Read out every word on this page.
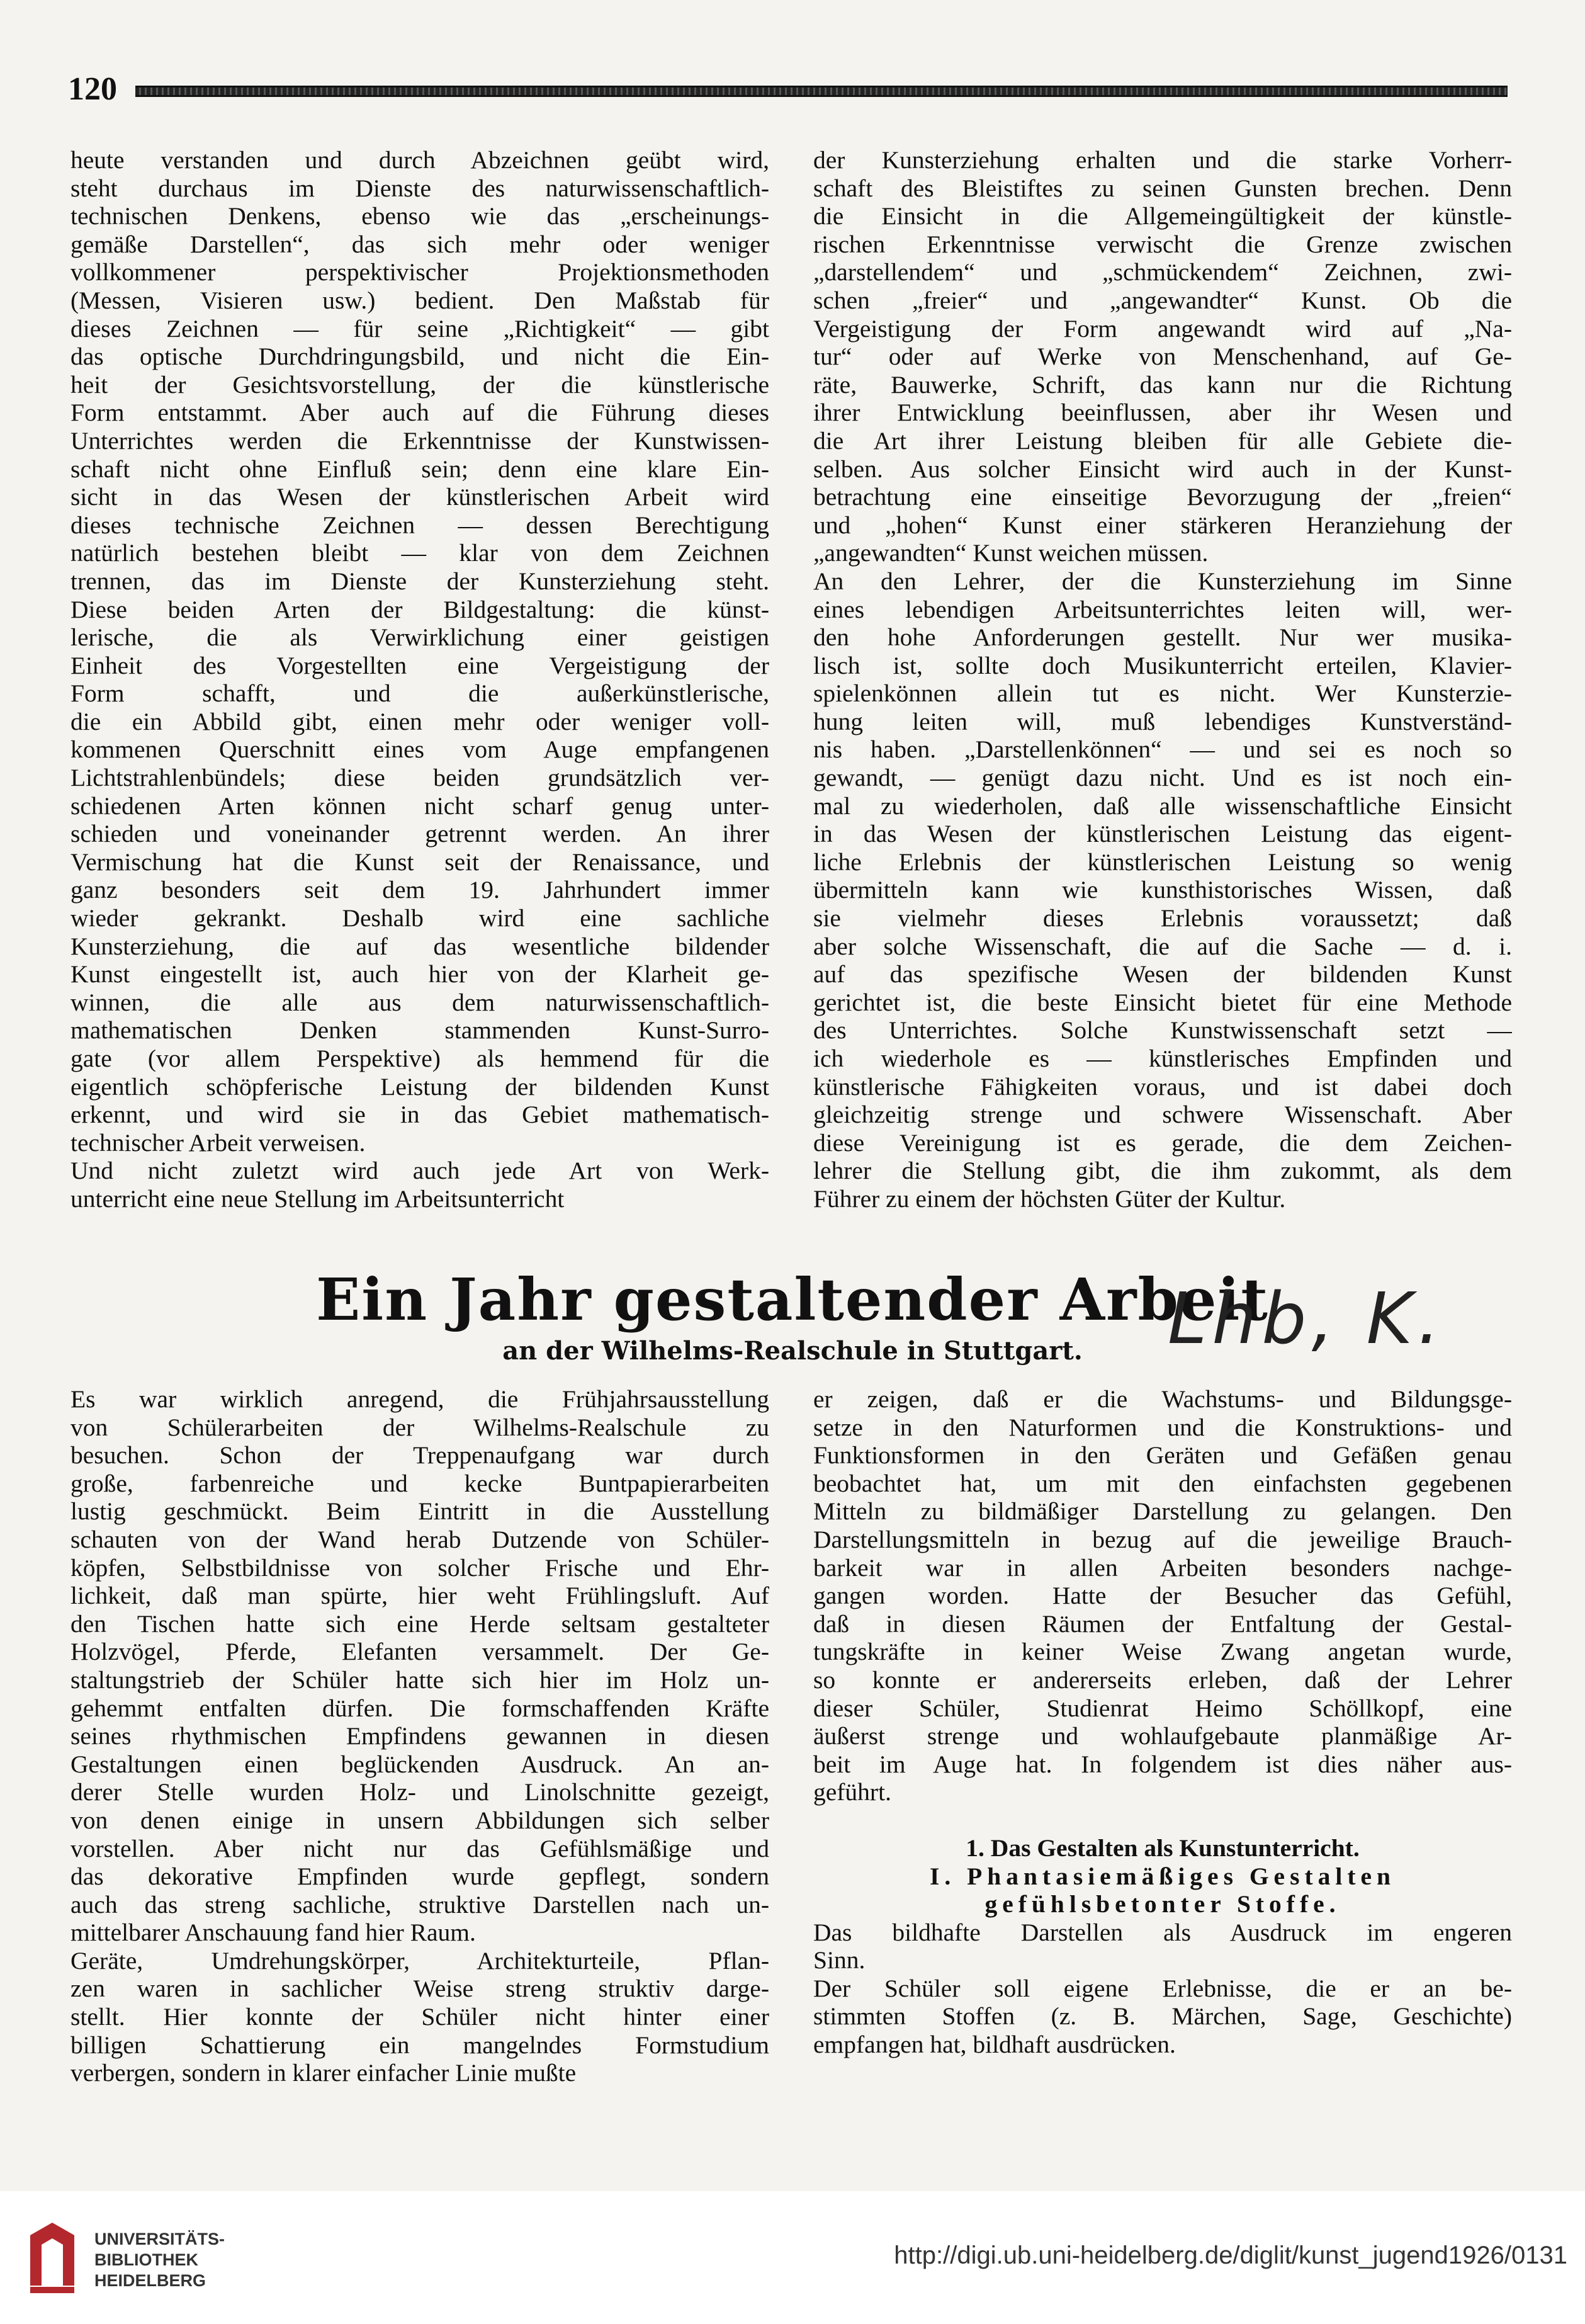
120
heute verstanden und durch Abzeichnen geübt wird,
steht durchaus im Dienste des naturwissenschaftlich-
technischen Denkens, ebenso wie das „erscheinungs-
gemäße Darstellen“, das sich mehr oder weniger
vollkommener perspektivischer Projektionsmethoden
(Messen, Visieren usw.) bedient. Den Maßstab für
dieses Zeichnen — für seine „Richtigkeit“ — gibt
das optische Durchdringungsbild, und nicht die Ein-
heit der Gesichtsvorstellung, der die künstlerische
Form entstammt. Aber auch auf die Führung dieses
Unterrichtes werden die Erkenntnisse der Kunstwissen-
schaft nicht ohne Einfluß sein; denn eine klare Ein-
sicht in das Wesen der künstlerischen Arbeit wird
dieses technische Zeichnen — dessen Berechtigung
natürlich bestehen bleibt — klar von dem Zeichnen
trennen, das im Dienste der Kunsterziehung steht.
Diese beiden Arten der Bildgestaltung: die künst-
lerische, die als Verwirklichung einer geistigen
Einheit des Vorgestellten eine Vergeistigung der
Form schafft, und die außerkünstlerische,
die ein Abbild gibt, einen mehr oder weniger voll-
kommenen Querschnitt eines vom Auge empfangenen
Lichtstrahlenbündels; diese beiden grundsätzlich ver-
schiedenen Arten können nicht scharf genug unter-
schieden und voneinander getrennt werden. An ihrer
Vermischung hat die Kunst seit der Renaissance, und
ganz besonders seit dem 19. Jahrhundert immer
wieder gekrankt. Deshalb wird eine sachliche
Kunsterziehung, die auf das wesentliche bildender
Kunst eingestellt ist, auch hier von der Klarheit ge-
winnen, die alle aus dem naturwissenschaftlich-
mathematischen Denken stammenden Kunst-Surro-
gate (vor allem Perspektive) als hemmend für die
eigentlich schöpferische Leistung der bildenden Kunst
erkennt, und wird sie in das Gebiet mathematisch-
technischer Arbeit verweisen.
Und nicht zuletzt wird auch jede Art von Werk-
unterricht eine neue Stellung im Arbeitsunterricht
der Kunsterziehung erhalten und die starke Vorherr-
schaft des Bleistiftes zu seinen Gunsten brechen. Denn
die Einsicht in die Allgemeingültigkeit der künstle-
rischen Erkenntnisse verwischt die Grenze zwischen
„darstellendem“ und „schmückendem“ Zeichnen, zwi-
schen „freier“ und „angewandter“ Kunst. Ob die
Vergeistigung der Form angewandt wird auf „Na-
tur“ oder auf Werke von Menschenhand, auf Ge-
räte, Bauwerke, Schrift, das kann nur die Richtung
ihrer Entwicklung beeinflussen, aber ihr Wesen und
die Art ihrer Leistung bleiben für alle Gebiete die-
selben. Aus solcher Einsicht wird auch in der Kunst-
betrachtung eine einseitige Bevorzugung der „freien“
und „hohen“ Kunst einer stärkeren Heranziehung der
„angewandten“ Kunst weichen müssen.
An den Lehrer, der die Kunsterziehung im Sinne
eines lebendigen Arbeitsunterrichtes leiten will, wer-
den hohe Anforderungen gestellt. Nur wer musika-
lisch ist, sollte doch Musikunterricht erteilen, Klavier-
spielenkönnen allein tut es nicht. Wer Kunsterzie-
hung leiten will, muß lebendiges Kunstverständ-
nis haben. „Darstellenkönnen“ — und sei es noch so
gewandt, — genügt dazu nicht. Und es ist noch ein-
mal zu wiederholen, daß alle wissenschaftliche Einsicht
in das Wesen der künstlerischen Leistung das eigent-
liche Erlebnis der künstlerischen Leistung so wenig
übermitteln kann wie kunsthistorisches Wissen, daß
sie vielmehr dieses Erlebnis voraussetzt; daß
aber solche Wissenschaft, die auf die Sache — d. i.
auf das spezifische Wesen der bildenden Kunst
gerichtet ist, die beste Einsicht bietet für eine Methode
des Unterrichtes. Solche Kunstwissenschaft setzt —
ich wiederhole es — künstlerisches Empfinden und
künstlerische Fähigkeiten voraus, und ist dabei doch
gleichzeitig strenge und schwere Wissenschaft. Aber
diese Vereinigung ist es gerade, die dem Zeichen-
lehrer die Stellung gibt, die ihm zukommt, als dem
Führer zu einem der höchsten Güter der Kultur.
Ein Jahr gestaltender Arbeit
Lhb, K.
an der Wilhelms-Realschule in Stuttgart.
Es war wirklich anregend, die Frühjahrsausstellung
von Schülerarbeiten der Wilhelms-Realschule zu
besuchen. Schon der Treppenaufgang war durch
große, farbenreiche und kecke Buntpapierarbeiten
lustig geschmückt. Beim Eintritt in die Ausstellung
schauten von der Wand herab Dutzende von Schüler-
köpfen, Selbstbildnisse von solcher Frische und Ehr-
lichkeit, daß man spürte, hier weht Frühlingsluft. Auf
den Tischen hatte sich eine Herde seltsam gestalteter
Holzvögel, Pferde, Elefanten versammelt. Der Ge-
staltungstrieb der Schüler hatte sich hier im Holz un-
gehemmt entfalten dürfen. Die formschaffenden Kräfte
seines rhythmischen Empfindens gewannen in diesen
Gestaltungen einen beglückenden Ausdruck. An an-
derer Stelle wurden Holz- und Linolschnitte gezeigt,
von denen einige in unsern Abbildungen sich selber
vorstellen. Aber nicht nur das Gefühlsmäßige und
das dekorative Empfinden wurde gepflegt, sondern
auch das streng sachliche, struktive Darstellen nach un-
mittelbarer Anschauung fand hier Raum.
Geräte, Umdrehungskörper, Architekturteile, Pflan-
zen waren in sachlicher Weise streng struktiv darge-
stellt. Hier konnte der Schüler nicht hinter einer
billigen Schattierung ein mangelndes Formstudium
verbergen, sondern in klarer einfacher Linie mußte
er zeigen, daß er die Wachstums- und Bildungsge-
setze in den Naturformen und die Konstruktions- und
Funktionsformen in den Geräten und Gefäßen genau
beobachtet hat, um mit den einfachsten gegebenen
Mitteln zu bildmäßiger Darstellung zu gelangen. Den
Darstellungsmitteln in bezug auf die jeweilige Brauch-
barkeit war in allen Arbeiten besonders nachge-
gangen worden. Hatte der Besucher das Gefühl,
daß in diesen Räumen der Entfaltung der Gestal-
tungskräfte in keiner Weise Zwang angetan wurde,
so konnte er andererseits erleben, daß der Lehrer
dieser Schüler, Studienrat Heimo Schöllkopf, eine
äußerst strenge und wohlaufgebaute planmäßige Ar-
beit im Auge hat. In folgendem ist dies näher aus-
geführt.
1. Das Gestalten als Kunstunterricht.
I. Phantasiemäßiges Gestalten
gefühlsbetonter Stoffe.
Das bildhafte Darstellen als Ausdruck im engeren
Sinn.
Der Schüler soll eigene Erlebnisse, die er an be-
stimmten Stoffen (z. B. Märchen, Sage, Geschichte)
empfangen hat, bildhaft ausdrücken.
UNIVERSITÄTS-
BIBLIOTHEK
HEIDELBERG
http://digi.ub.uni-heidelberg.de/diglit/kunst_jugend1926/0131
